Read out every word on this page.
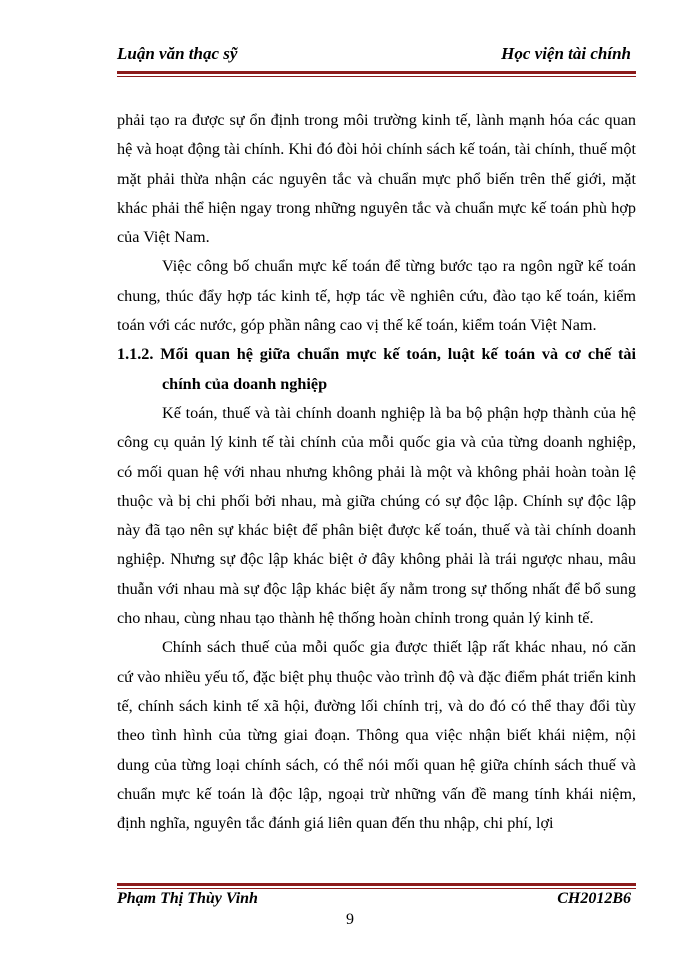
Luận văn thạc sỹ	Học viện tài chính

phải tạo ra được sự ổn định trong môi trường kinh tế, lành mạnh hóa các quan hệ và hoạt động tài chính. Khi đó đòi hỏi chính sách kế toán, tài chính, thuế một mặt phải thừa nhận các nguyên tắc và chuẩn mực phổ biến trên thế giới, mặt khác phải thể hiện ngay trong những nguyên tắc và chuẩn mực kế toán phù hợp của Việt Nam.

Việc công bố chuẩn mực kế toán để từng bước tạo ra ngôn ngữ kế toán chung, thúc đẩy hợp tác kinh tế, hợp tác về nghiên cứu, đào tạo kế toán, kiểm toán với các nước, góp phần nâng cao vị thế kế toán, kiểm toán Việt Nam.

1.1.2. Mối quan hệ giữa chuẩn mực kế toán, luật kế toán và cơ chế tài chính của doanh nghiệp

Kế toán, thuế và tài chính doanh nghiệp là ba bộ phận hợp thành của hệ công cụ quản lý kinh tế tài chính của mỗi quốc gia và của từng doanh nghiệp, có mối quan hệ với nhau nhưng không phải là một và không phải hoàn toàn lệ thuộc và bị chi phối bởi nhau, mà giữa chúng có sự độc lập. Chính sự độc lập này đã tạo nên sự khác biệt để phân biệt được kế toán, thuế và tài chính doanh nghiệp. Nhưng sự độc lập khác biệt ở đây không phải là trái ngược nhau, mâu thuẫn với nhau mà sự độc lập khác biệt ấy nằm trong sự thống nhất để bổ sung cho nhau, cùng nhau tạo thành hệ thống hoàn chỉnh trong quản lý kinh tế.

Chính sách thuế của mỗi quốc gia được thiết lập rất khác nhau, nó căn cứ vào nhiều yếu tố, đặc biệt phụ thuộc vào trình độ và đặc điểm phát triển kinh tế, chính sách kinh tế xã hội, đường lối chính trị, và do đó có thể thay đổi tùy theo tình hình của từng giai đoạn. Thông qua việc nhận biết khái niệm, nội dung của từng loại chính sách, có thể nói mối quan hệ giữa chính sách thuế và chuẩn mực kế toán là độc lập, ngoại trừ những vấn đề mang tính khái niệm, định nghĩa, nguyên tắc đánh giá liên quan đến thu nhập, chi phí, lợi

Phạm Thị Thùy Vinh	CH2012B6
9
